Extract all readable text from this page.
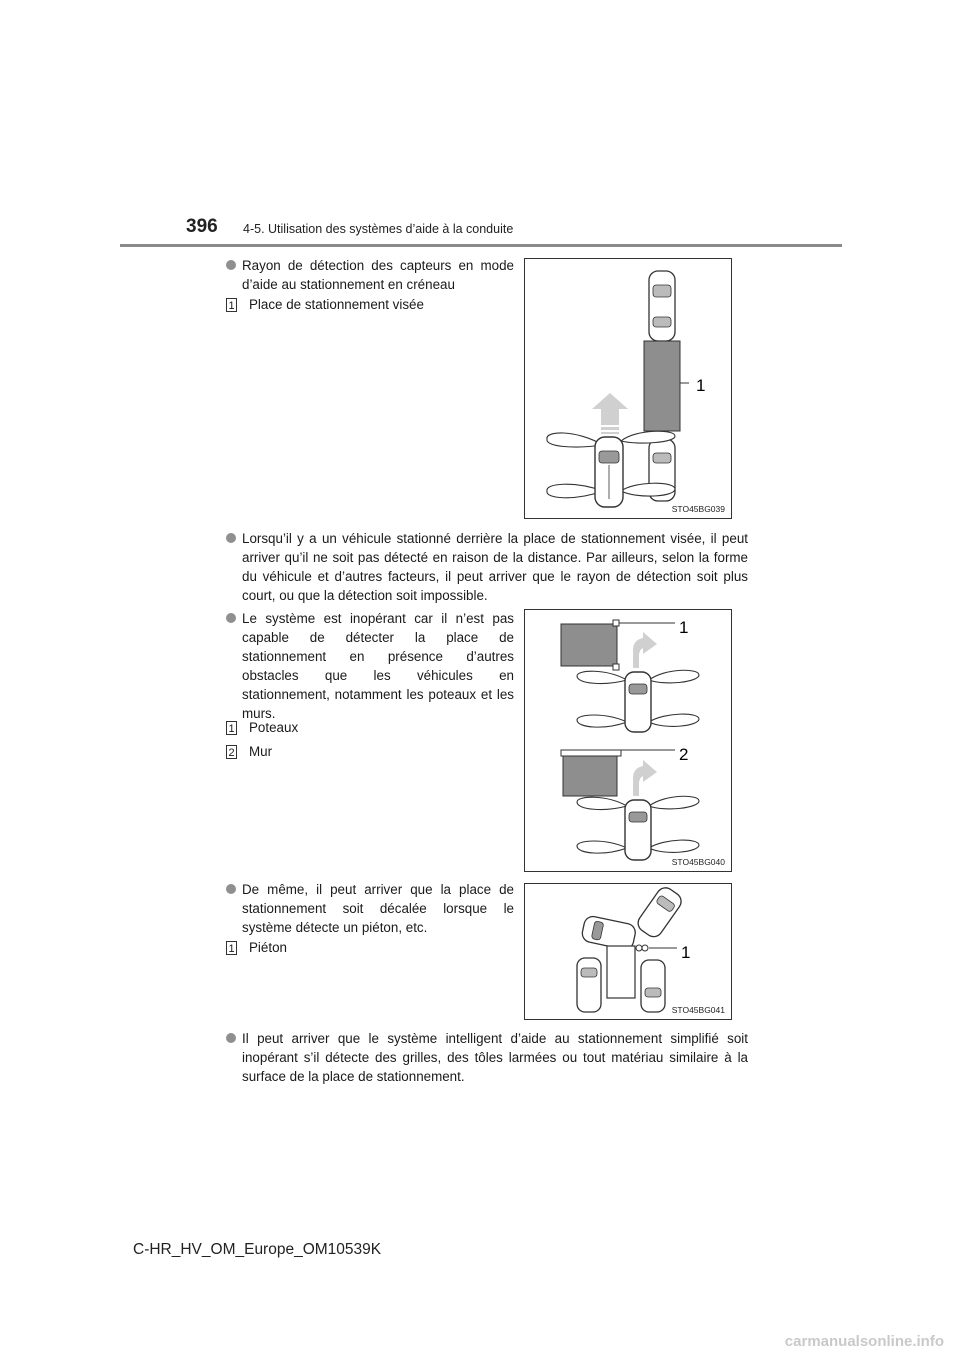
396 4-5. Utilisation des systèmes d’aide à la conduite
Rayon de détection des capteurs en mode d’aide au stationnement en créneau
1 Place de stationnement visée
1
STO45BG039
Lorsqu’il y a un véhicule stationné derrière la place de stationnement visée, il peut arriver qu’il ne soit pas détecté en raison de la distance. Par ailleurs, selon la forme du véhicule et d’autres facteurs, il peut arriver que le rayon de détection soit plus court, ou que la détection soit impossible.
Le système est inopérant car il n’est pas capable de détecter la place de stationnement en présence d’autres obstacles que les véhicules en stationnement, notamment les poteaux et les murs.
1 Poteaux
2 Mur
1
2
STO45BG040
De même, il peut arriver que la place de stationnement soit décalée lorsque le système détecte un piéton, etc.
1 Piéton	1
STO45BG041
Il peut arriver que le système intelligent d’aide au stationnement simplifié soit inopérant s’il détecte des grilles, des tôles larmées ou tout matériau similaire à la surface de la place de stationnement.
C-HR_HV_OM_Europe_OM10539K
carmanualsonline.info
